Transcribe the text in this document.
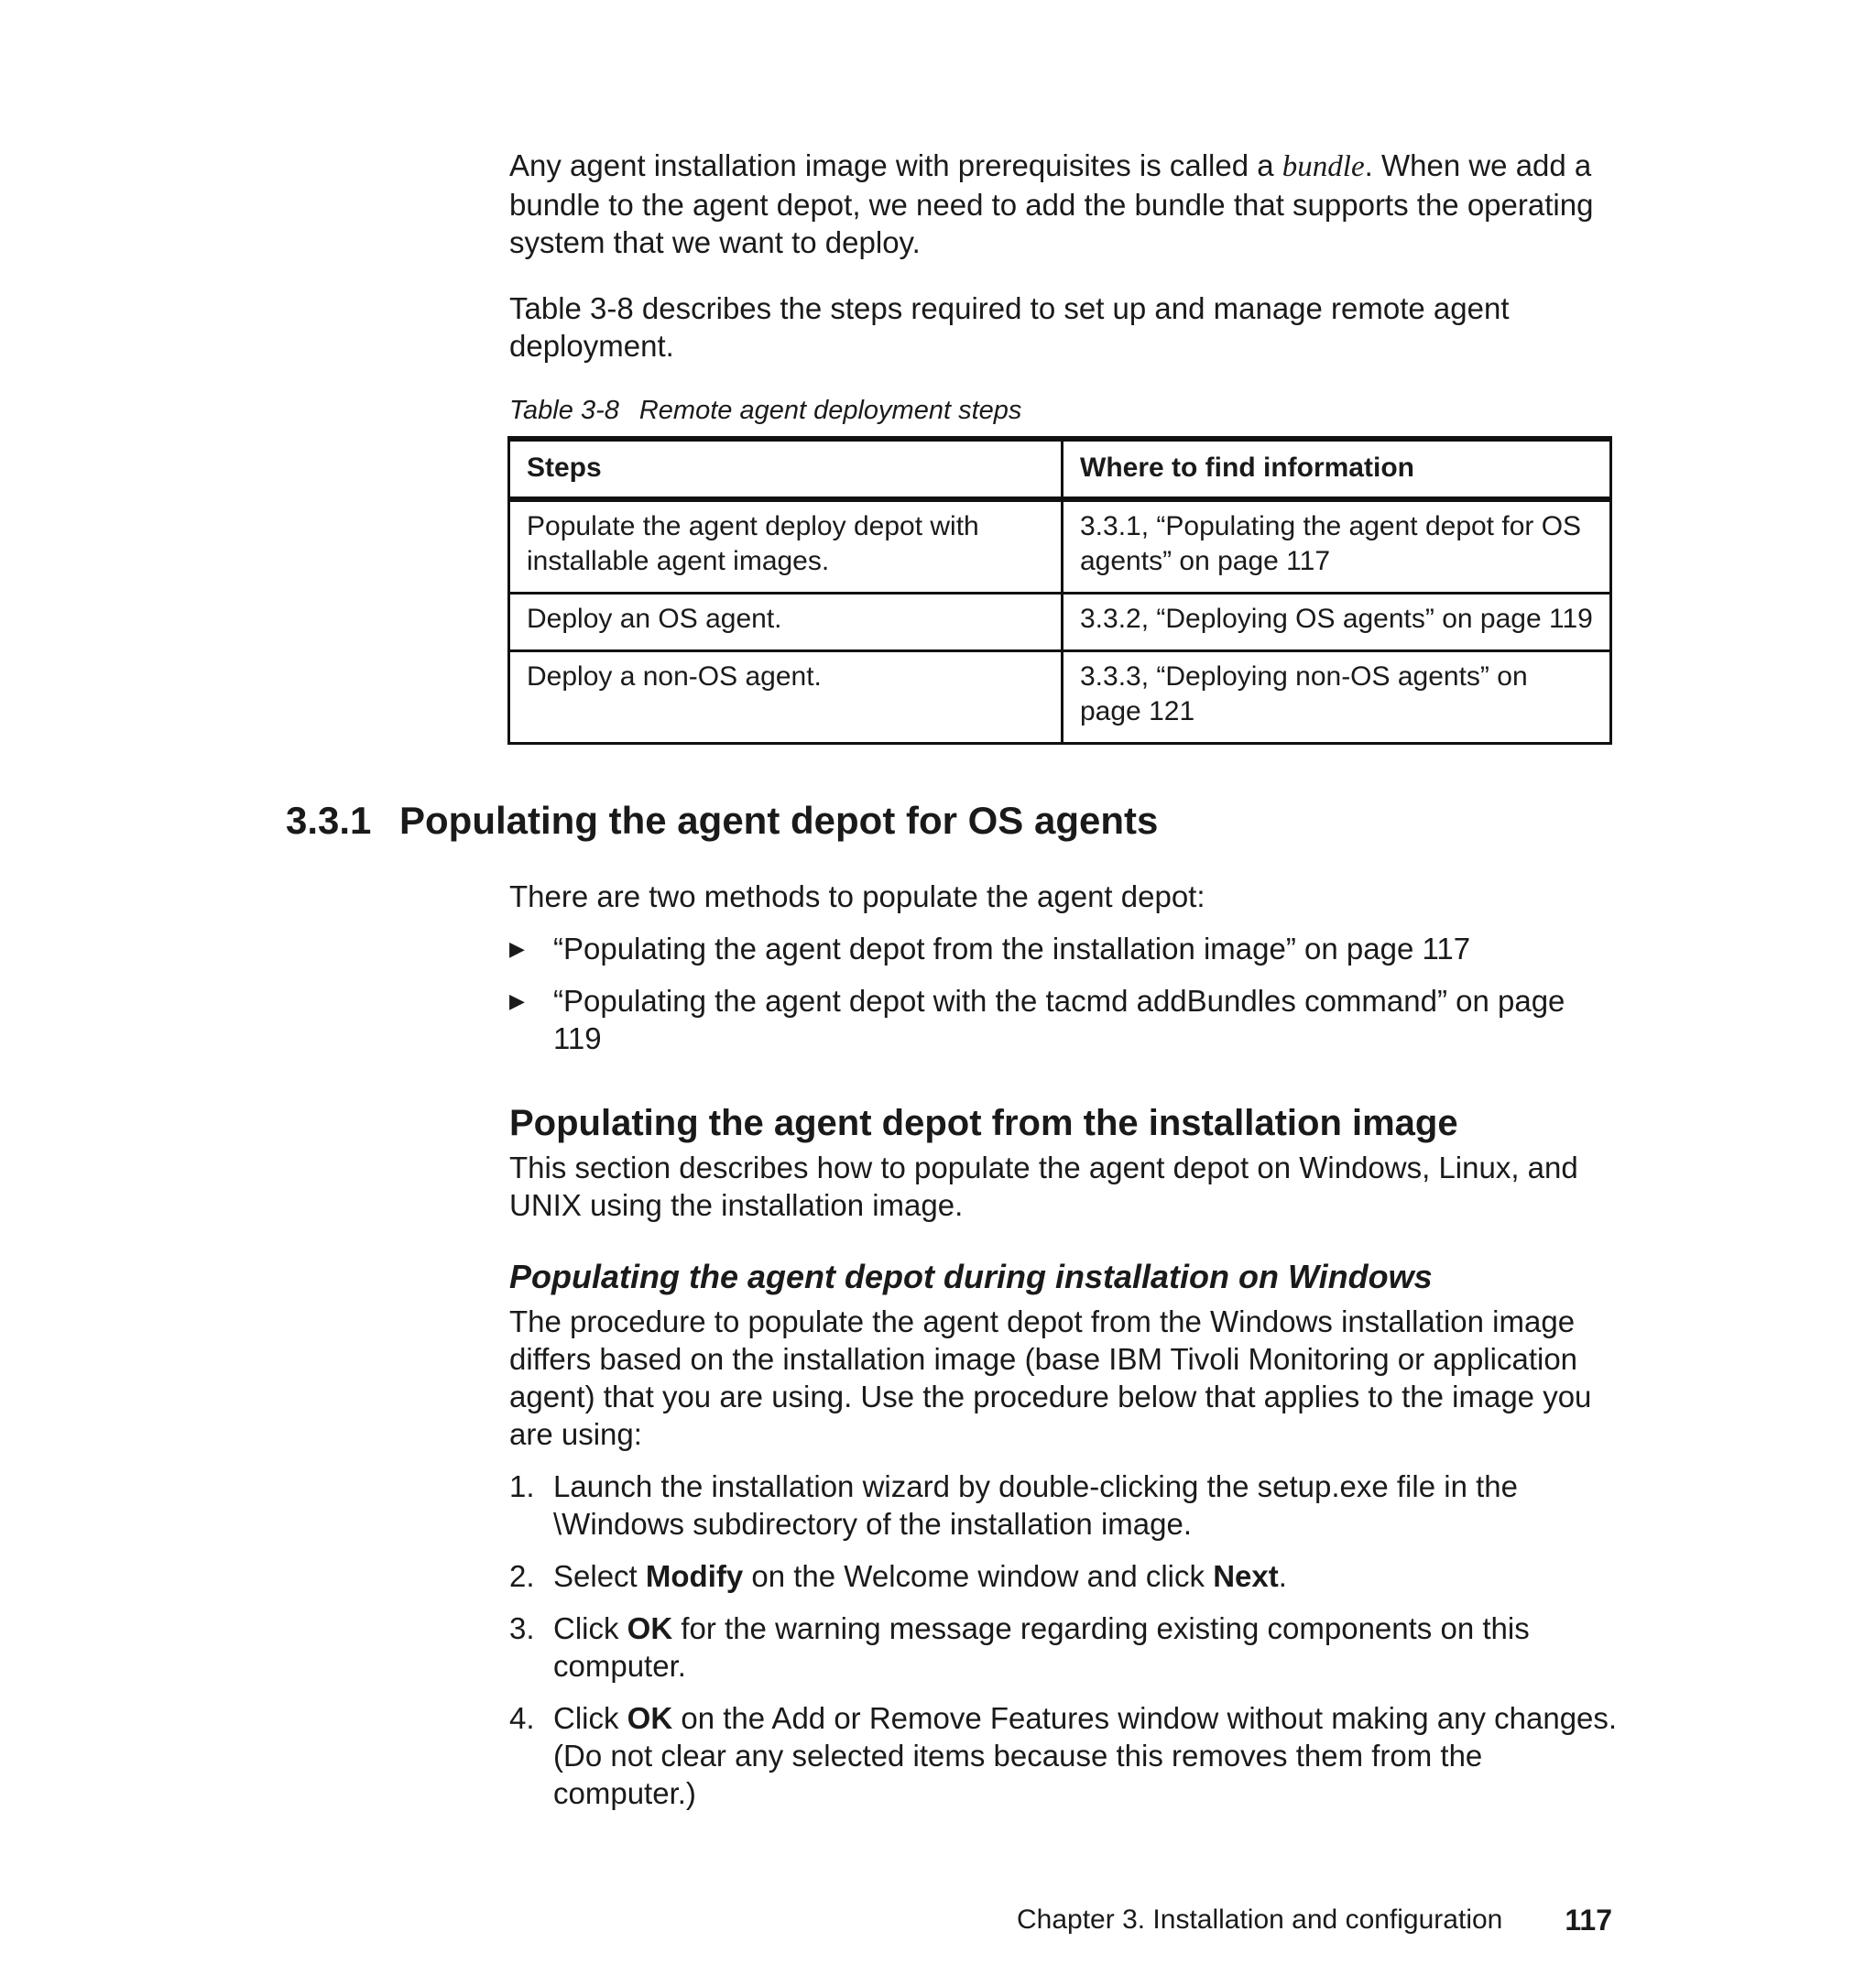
Any agent installation image with prerequisites is called a bundle. When we add a bundle to the agent depot, we need to add the bundle that supports the operating system that we want to deploy.

Table 3-8 describes the steps required to set up and manage remote agent deployment.

Table 3-8 Remote agent deployment steps
Steps	Where to find information
Populate the agent deploy depot with installable agent images.	3.3.1, “Populating the agent depot for OS agents” on page 117
Deploy an OS agent.	3.3.2, “Deploying OS agents” on page 119
Deploy a non-OS agent.	3.3.3, “Deploying non-OS agents” on page 121
3.3.1 Populating the agent depot for OS agents

There are two methods to populate the agent depot:

▶ “Populating the agent depot from the installation image” on page 117
▶ “Populating the agent depot with the tacmd addBundles command” on page 119
Populating the agent depot from the installation image

This section describes how to populate the agent depot on Windows, Linux, and UNIX using the installation image.

Populating the agent depot during installation on Windows

The procedure to populate the agent depot from the Windows installation image differs based on the installation image (base IBM Tivoli Monitoring or application agent) that you are using. Use the procedure below that applies to the image you are using:

1. Launch the installation wizard by double-clicking the setup.exe file in the \Windows subdirectory of the installation image.
2. Select Modify on the Welcome window and click Next.
3. Click OK for the warning message regarding existing components on this computer.
4. Click OK on the Add or Remove Features window without making any changes. (Do not clear any selected items because this removes them from the computer.)
Chapter 3. Installation and configuration 117
